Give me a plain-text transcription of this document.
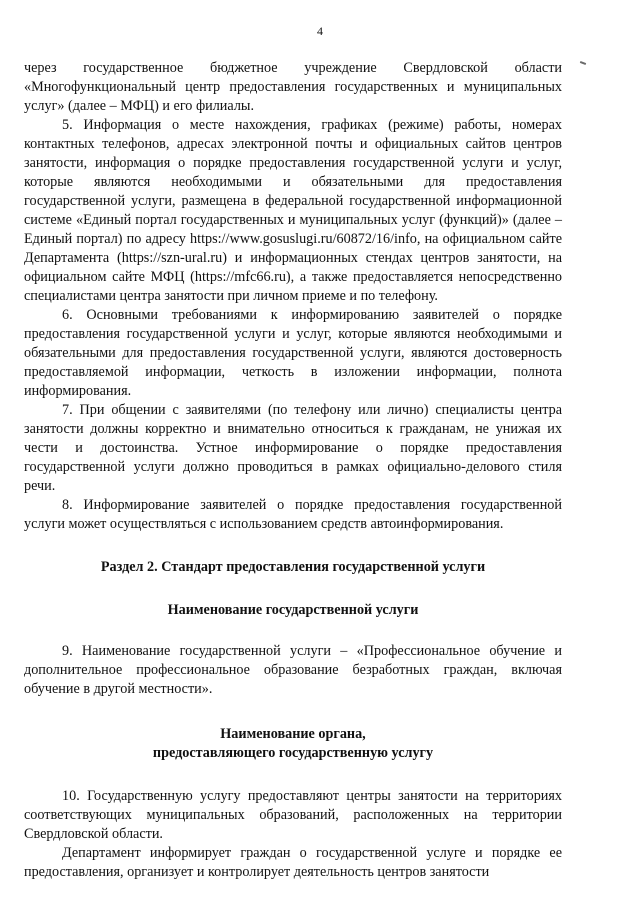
4

через государственное бюджетное учреждение Свердловской области «Многофункциональный центр предоставления государственных и муниципальных услуг» (далее – МФЦ) и его филиалы.

5. Информация о месте нахождения, графиках (режиме) работы, номерах контактных телефонов, адресах электронной почты и официальных сайтов центров занятости, информация о порядке предоставления государственной услуги и услуг, которые являются необходимыми и обязательными для предоставления государственной услуги, размещена в федеральной государственной информационной системе «Единый портал государственных и муниципальных услуг (функций)» (далее – Единый портал) по адресу https://www.gosuslugi.ru/60872/16/info, на официальном сайте Департамента (https://szn-ural.ru) и информационных стендах центров занятости, на официальном сайте МФЦ (https://mfc66.ru), а также предоставляется непосредственно специалистами центра занятости при личном приеме и по телефону.

6. Основными требованиями к информированию заявителей о порядке предоставления государственной услуги и услуг, которые являются необходимыми и обязательными для предоставления государственной услуги, являются достоверность предоставляемой информации, четкость в изложении информации, полнота информирования.

7. При общении с заявителями (по телефону или лично) специалисты центра занятости должны корректно и внимательно относиться к гражданам, не унижая их чести и достоинства. Устное информирование о порядке предоставления государственной услуги должно проводиться в рамках официально-делового стиля речи.

8. Информирование заявителей о порядке предоставления государственной услуги может осуществляться с использованием средств автоинформирования.

Раздел 2. Стандарт предоставления государственной услуги

Наименование государственной услуги

9. Наименование государственной услуги – «Профессиональное обучение и дополнительное профессиональное образование безработных граждан, включая обучение в другой местности».

Наименование органа,

предоставляющего государственную услугу

10. Государственную услугу предоставляют центры занятости на территориях соответствующих муниципальных образований, расположенных на территории Свердловской области.

Департамент информирует граждан о государственной услуге и порядке ее предоставления, организует и контролирует деятельность центров занятости
